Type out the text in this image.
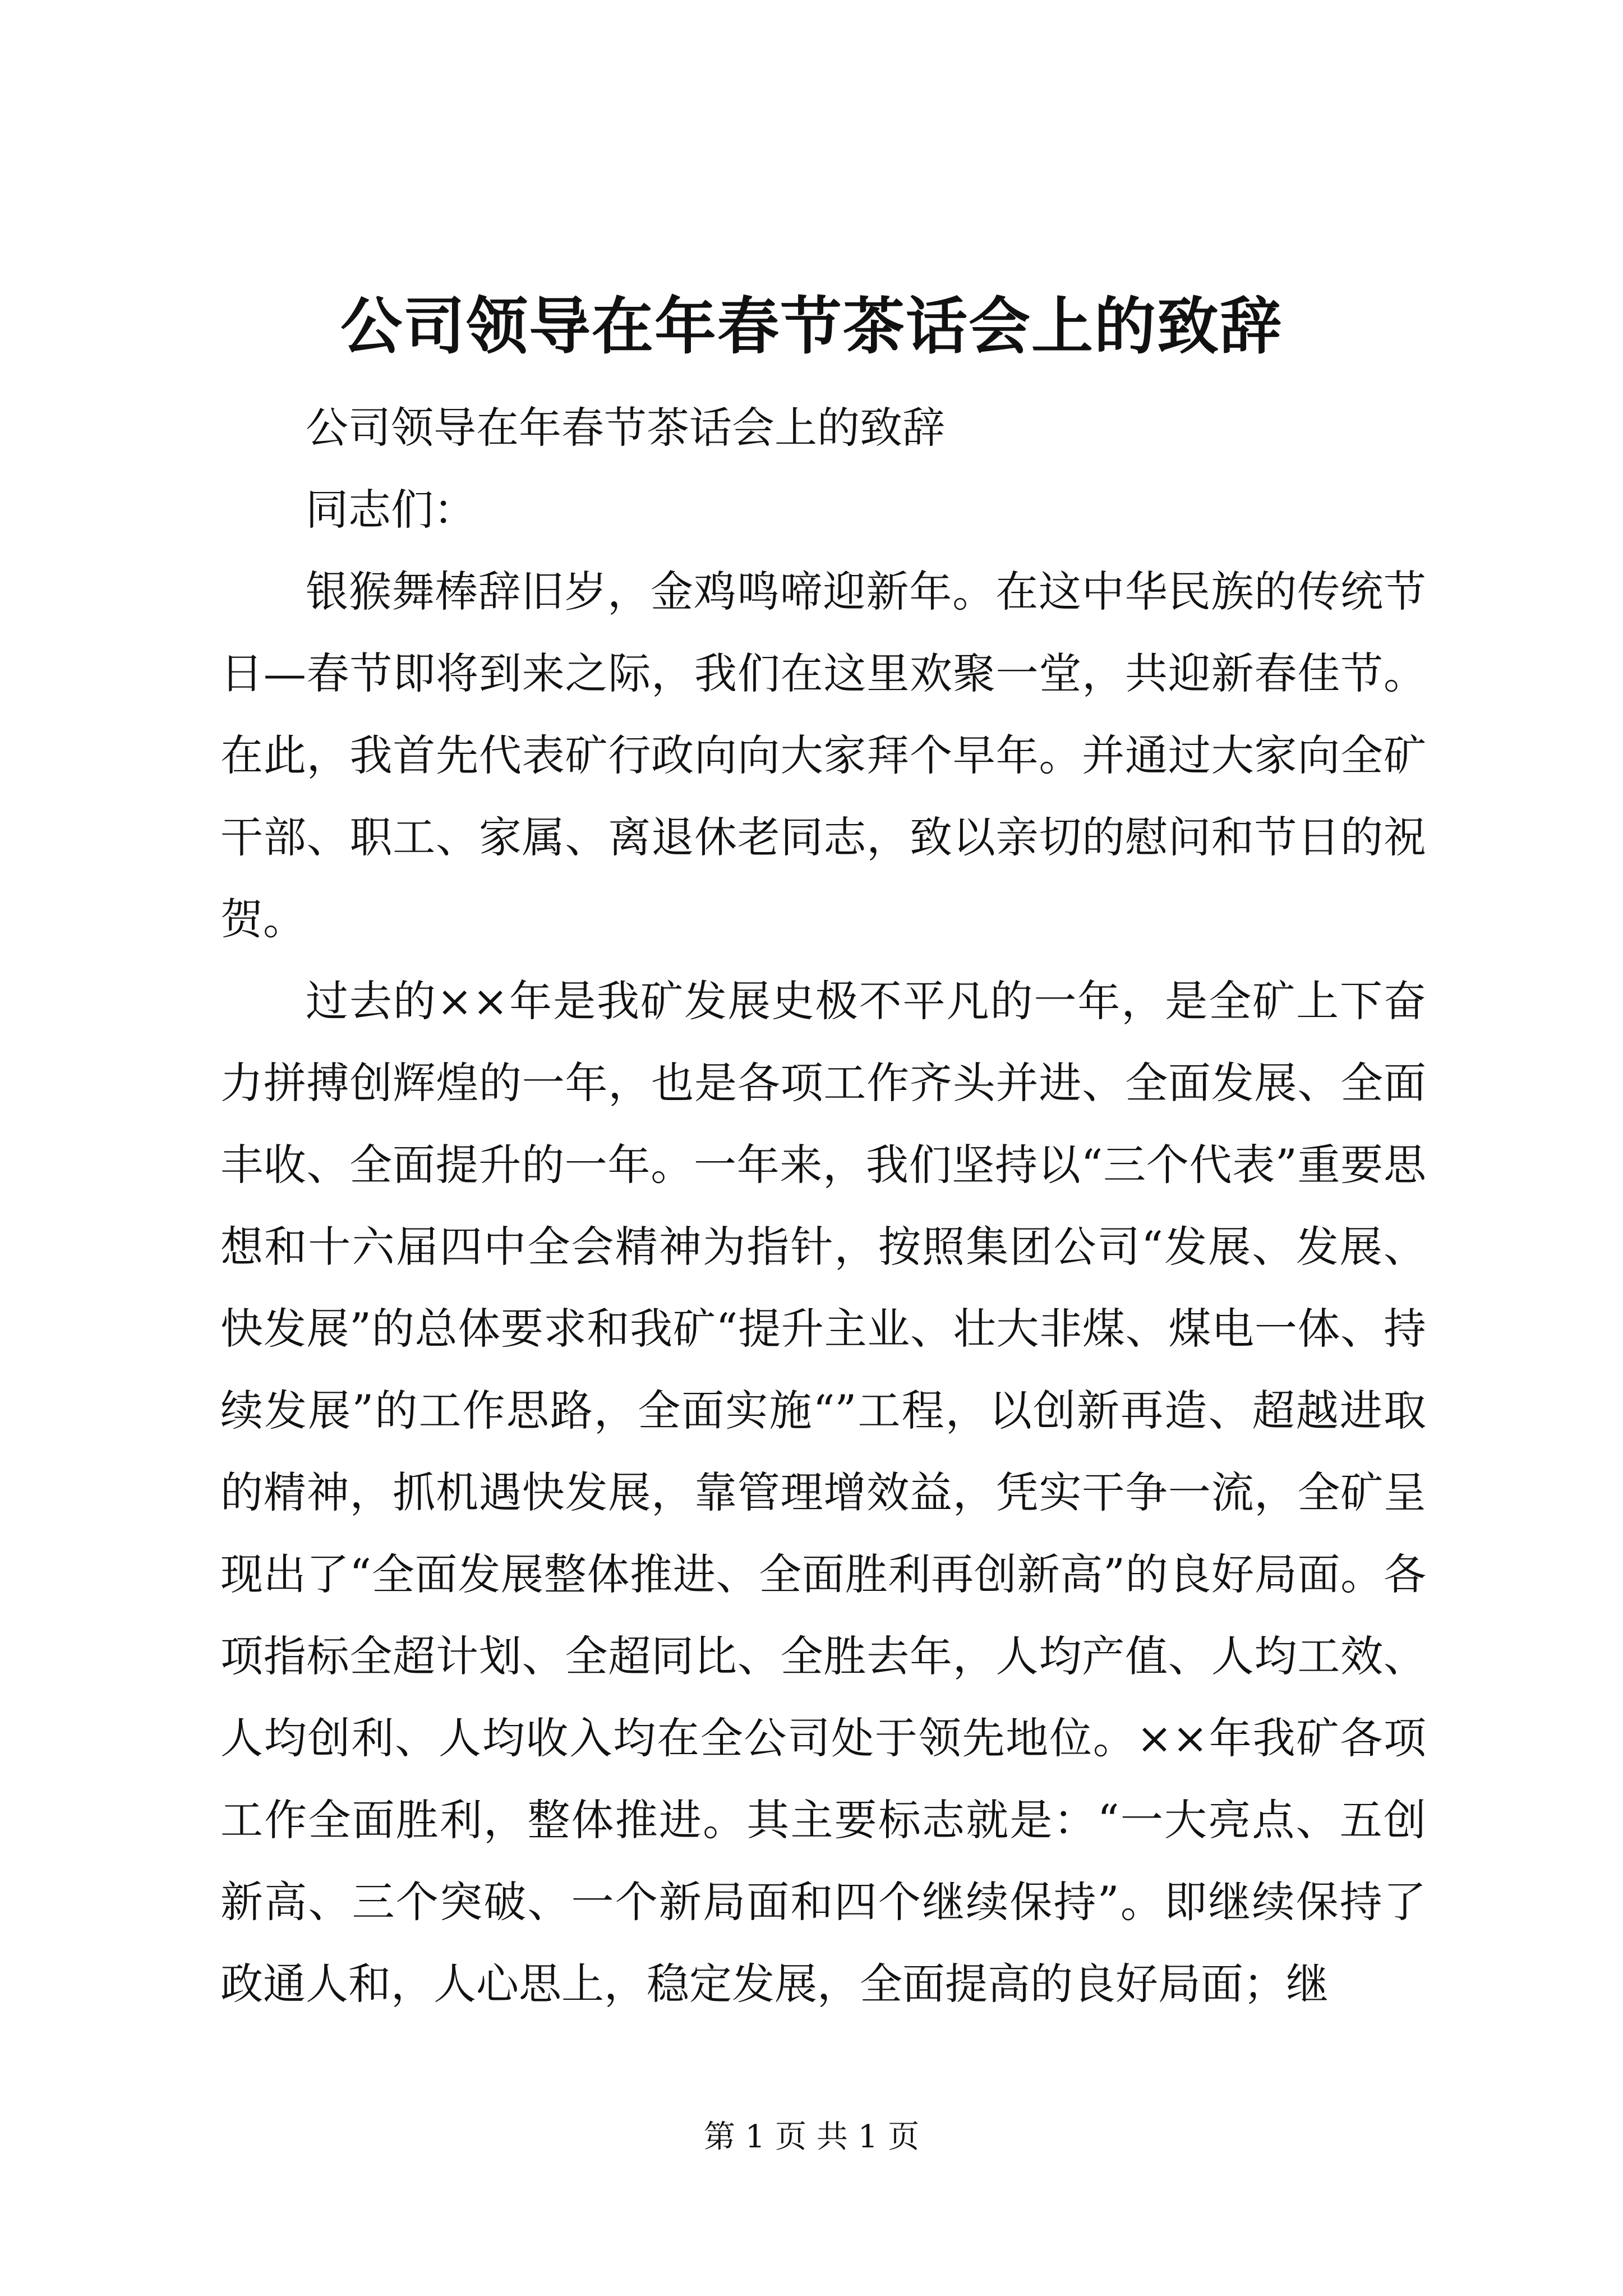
公司领导在年春节茶话会上的致辞

公司领导在年春节茶话会上的致辞

同志们：

银猴舞棒辞旧岁，金鸡鸣啼迎新年。在这中华民族的传统节日—春节即将到来之际，我们在这里欢聚一堂，共迎新春佳节。在此，我首先代表矿行政向向大家拜个早年。并通过大家向全矿干部、职工、家属、离退休老同志，致以亲切的慰问和节日的祝贺。

过去的××年是我矿发展史极不平凡的一年，是全矿上下奋力拼搏创辉煌的一年，也是各项工作齐头并进、全面发展、全面丰收、全面提升的一年。一年来，我们坚持以“三个代表”重要思想和十六届四中全会精神为指针，按照集团公司“发展、发展、快发展”的总体要求和我矿“提升主业、壮大非煤、煤电一体、持续发展”的工作思路，全面实施“”工程，以创新再造、超越进取的精神，抓机遇快发展，靠管理增效益，凭实干争一流，全矿呈现出了“全面发展整体推进、全面胜利再创新高”的良好局面。各项指标全超计划、全超同比、全胜去年，人均产值、人均工效、人均创利、人均收入均在全公司处于领先地位。××年我矿各项工作全面胜利，整体推进。其主要标志就是：“一大亮点、五创新高、三个突破、一个新局面和四个继续保持”。即继续保持了政通人和，人心思上，稳定发展，全面提高的良好局面；继

第 1 页 共 1 页
